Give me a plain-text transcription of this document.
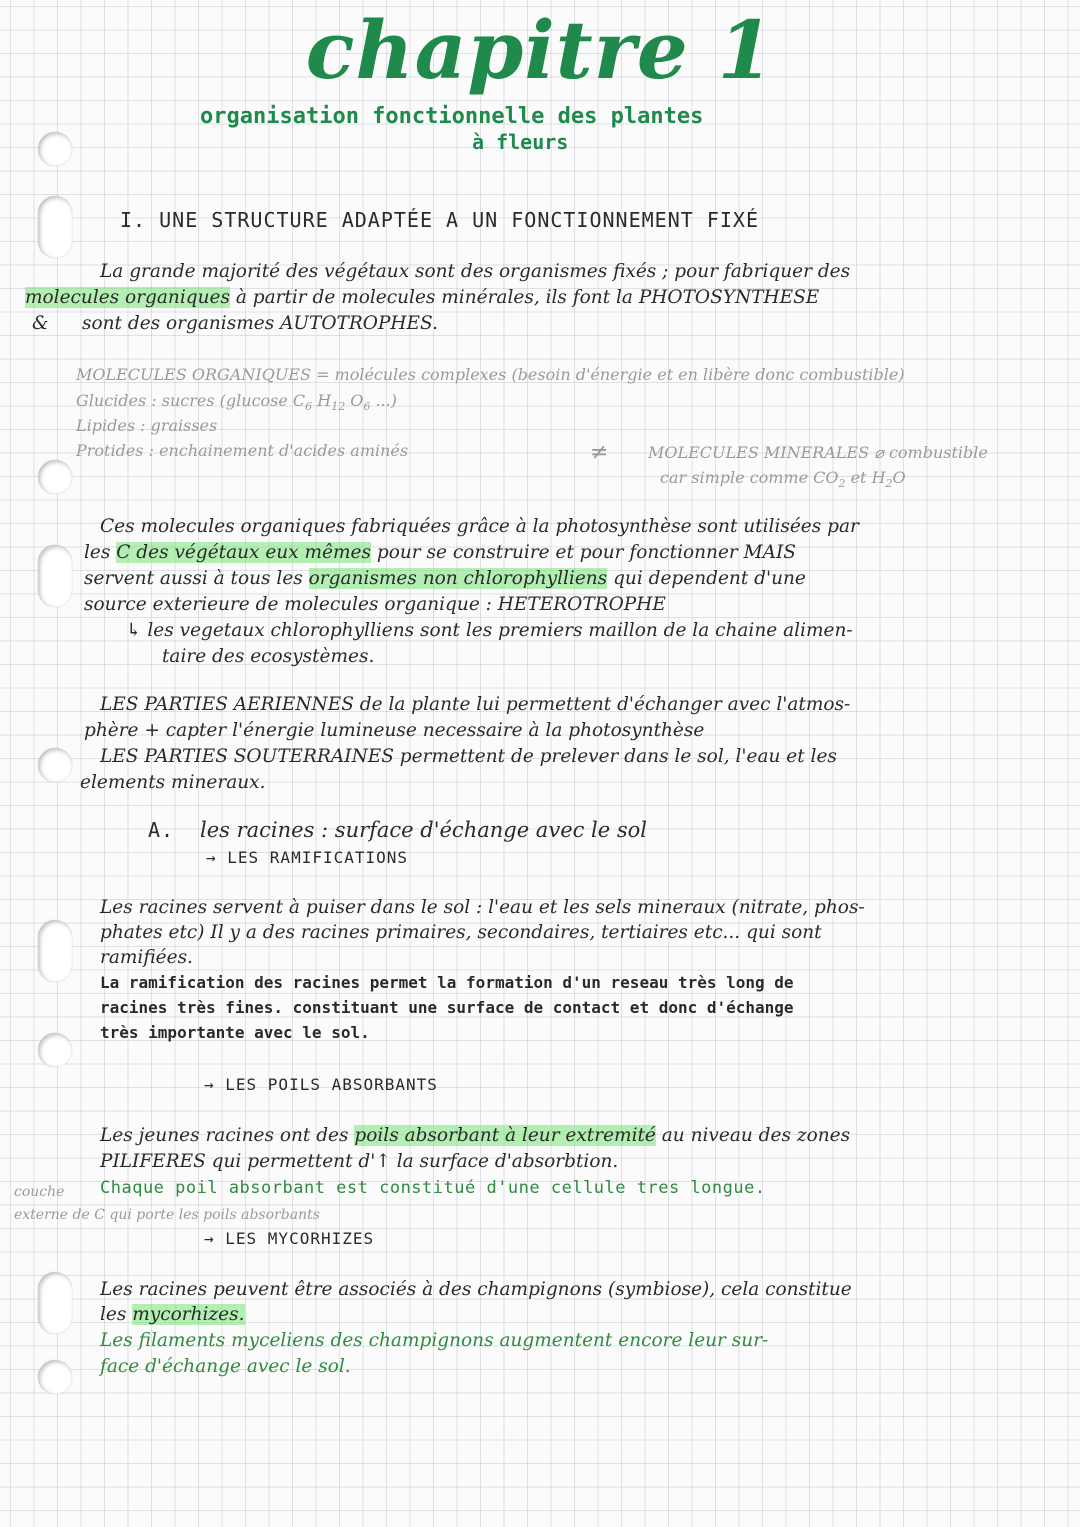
chapitre 1
organisation fonctionnelle des plantes
à fleurs
I. UNE STRUCTURE ADAPTÉE A UN FONCTIONNEMENT FIXÉ
La grande majorité des végétaux sont des organismes fixés ; pour fabriquer des
molecules organiques à partir de molecules minérales, ils font la PHOTOSYNTHESE
& sont des organismes AUTOTROPHES.
MOLECULES ORGANIQUES = molécules complexes (besoin d'énergie et en libère donc combustible)
Glucides : sucres (glucose $C_6$ $H_{12}$ $O_6$ ...)
Lipides : graisses
Protides : enchainement d'acides aminés	≠ MOLECULES MINERALES ⌀ combustible
car simple comme $CO_2$ et $H_2O$
Ces molecules organiques fabriquées grâce à la photosynthèse sont utilisées par
les C des végétaux eux mêmes pour se construire et pour fonctionner MAIS
servent aussi à tous les organismes non chlorophylliens qui dependent d'une
source exterieure de molecules organique : HETEROTROPHE
↳ les vegetaux chlorophylliens sont les premiers maillon de la chaine alimen-
taire des ecosystèmes.
LES PARTIES AERIENNES de la plante lui permettent d'échanger avec l'atmos-
phère + capter l'énergie lumineuse necessaire à la photosynthèse
LES PARTIES SOUTERRAINES permettent de prelever dans le sol, l'eau et les
elements mineraux.
A. les racines : surface d'échange avec le sol
→ LES RAMIFICATIONS
Les racines servent à puiser dans le sol : l'eau et les sels mineraux (nitrate, phos-
phates etc) Il y a des racines primaires, secondaires, tertiaires etc... qui sont
ramifiées.
La ramification des racines permet la formation d'un reseau très long de
racines très fines. constituant une surface de contact et donc d'échange
très importante avec le sol.
→ LES POILS ABSORBANTS
Les jeunes racines ont des poils absorbant à leur extremité au niveau des zones
PILIFERES qui permettent d'↑ la surface d'absorbtion.
Chaque poil absorbant est constitué d'une cellule tres longue.
couche
externe de C qui porte les poils absorbants
→ LES MYCORHIZES
Les racines peuvent être associés à des champignons (symbiose), cela constitue
les mycorhizes.
Les filaments myceliens des champignons augmentent encore leur sur-
face d'échange avec le sol.
